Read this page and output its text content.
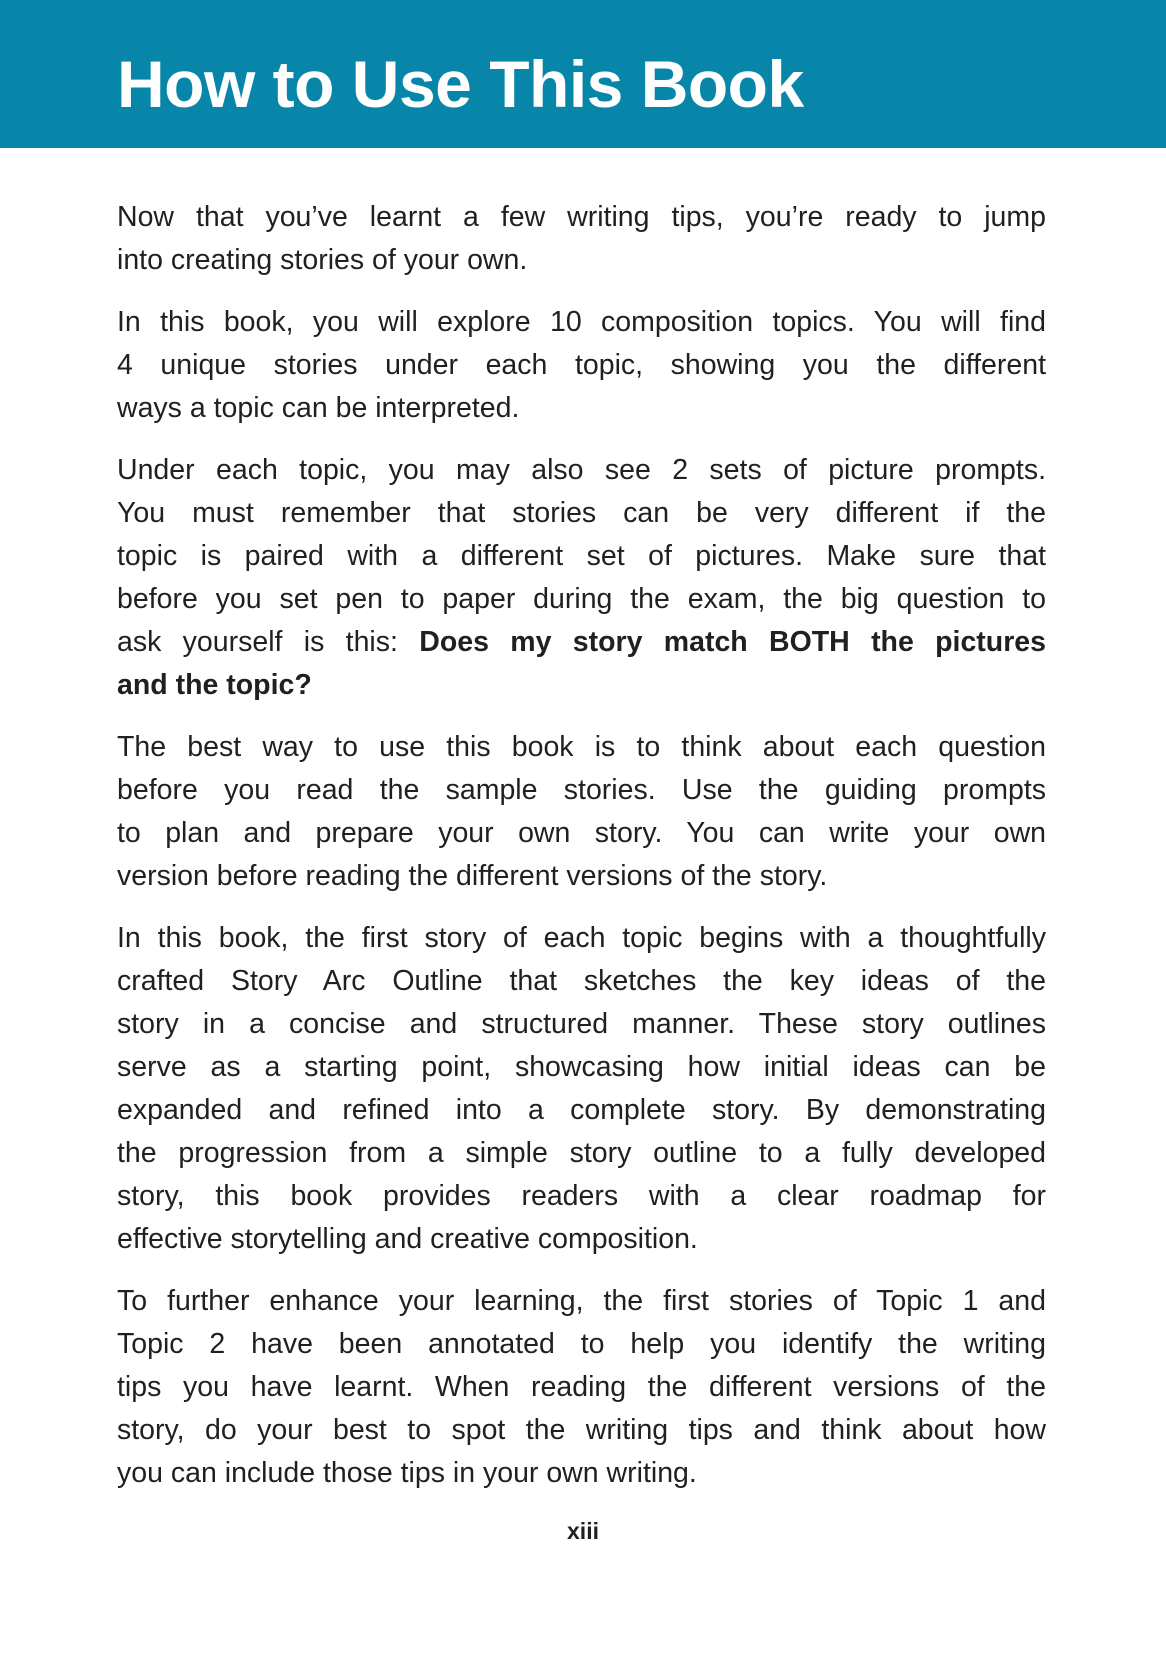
How to Use This Book

Now that you’ve learnt a few writing tips, you’re ready to jump
into creating stories of your own.

In this book, you will explore 10 composition topics. You will find
4 unique stories under each topic, showing you the different
ways a topic can be interpreted.

Under each topic, you may also see 2 sets of picture prompts.
You must remember that stories can be very different if the
topic is paired with a different set of pictures. Make sure that
before you set pen to paper during the exam, the big question to
ask yourself is this: Does my story match BOTH the pictures
and the topic?

The best way to use this book is to think about each question
before you read the sample stories. Use the guiding prompts
to plan and prepare your own story. You can write your own
version before reading the different versions of the story.

In this book, the first story of each topic begins with a thoughtfully
crafted Story Arc Outline that sketches the key ideas of the
story in a concise and structured manner. These story outlines
serve as a starting point, showcasing how initial ideas can be
expanded and refined into a complete story. By demonstrating
the progression from a simple story outline to a fully developed
story, this book provides readers with a clear roadmap for
effective storytelling and creative composition.

To further enhance your learning, the first stories of Topic 1 and
Topic 2 have been annotated to help you identify the writing
tips you have learnt. When reading the different versions of the
story, do your best to spot the writing tips and think about how
you can include those tips in your own writing.

xiii
